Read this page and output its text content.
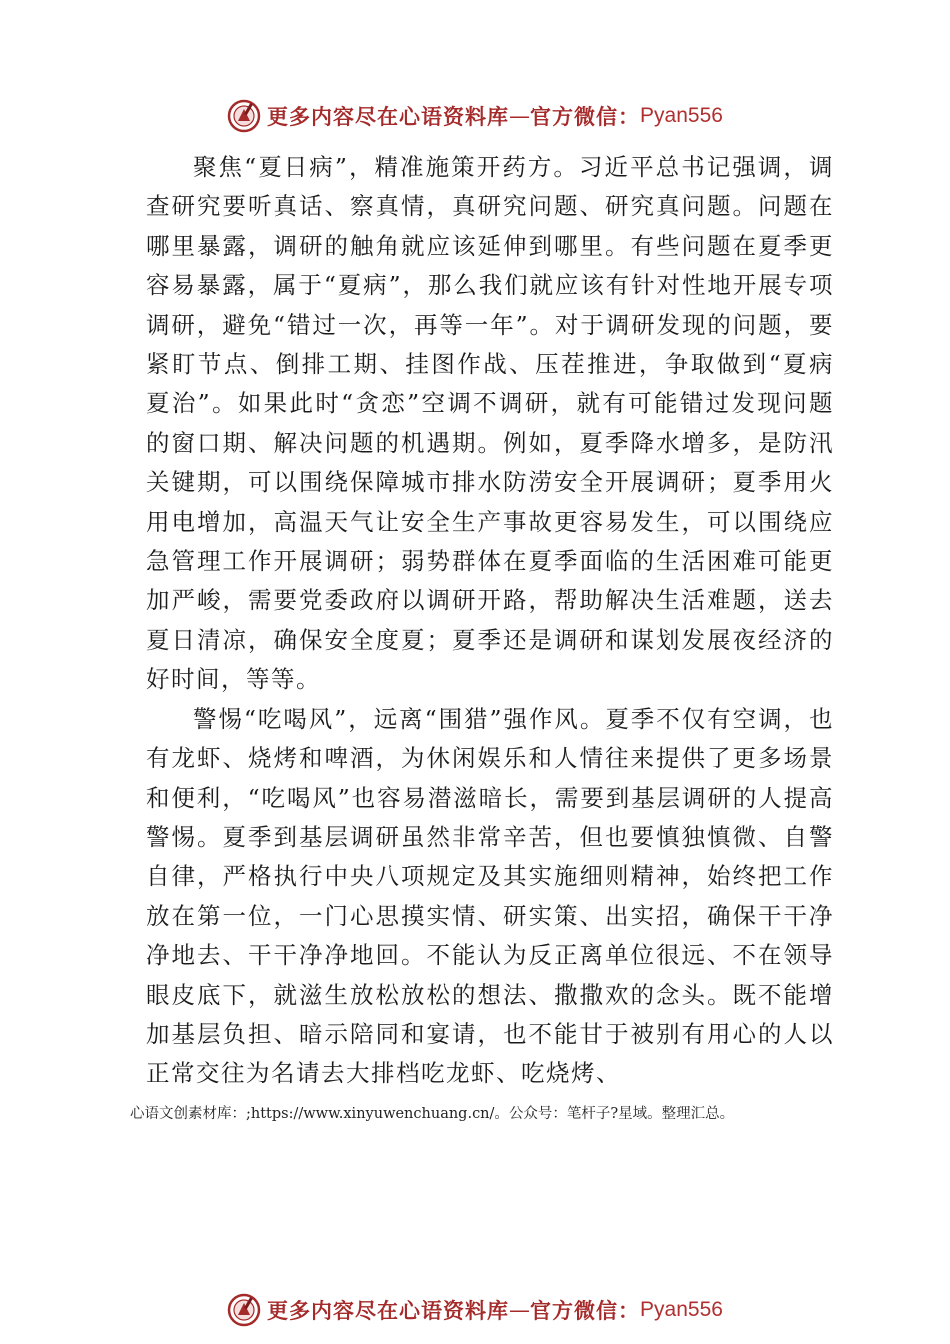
更多内容尽在心语资料库 — 官方微信： Pyan556

聚焦“夏日病”，精准施策开药方。习近平总书记强调，调查研究要听真话、察真情，真研究问题、研究真问题。问题在哪里暴露，调研的触角就应该延伸到哪里。有些问题在夏季更容易暴露，属于“夏病”，那么我们就应该有针对性地开展专项调研，避免“错过一次，再等一年”。对于调研发现的问题，要紧盯节点、倒排工期、挂图作战、压茬推进，争取做到“夏病夏治”。如果此时“贪恋”空调不调研，就有可能错过发现问题的窗口期、解决问题的机遇期。例如，夏季降水增多，是防汛关键期，可以围绕保障城市排水防涝安全开展调研；夏季用火用电增加，高温天气让安全生产事故更容易发生，可以围绕应急管理工作开展调研；弱势群体在夏季面临的生活困难可能更加严峻，需要党委政府以调研开路，帮助解决生活难题，送去夏日清凉，确保安全度夏；夏季还是调研和谋划发展夜经济的好时间，等等。

警惕“吃喝风”，远离“围猎”强作风。夏季不仅有空调，也有龙虾、烧烤和啤酒，为休闲娱乐和人情往来提供了更多场景和便利，“吃喝风”也容易潜滋暗长，需要到基层调研的人提高警惕。夏季到基层调研虽然非常辛苦，但也要慎独慎微、自警自律，严格执行中央八项规定及其实施细则精神，始终把工作放在第一位，一门心思摸实情、研实策、出实招，确保干干净净地去、干干净净地回。不能认为反正离单位很远、不在领导眼皮底下，就滋生放松放松的想法、撒撒欢的念头。既不能增加基层负担、暗示陪同和宴请，也不能甘于被别有用心的人以正常交往为名请去大排档吃龙虾、吃烧烤、

心语文创素材库：;https://www.xinyuwenchuang.cn/。公众号：笔杆子?星域。整理汇总。
更多内容尽在心语资料库 — 官方微信： Pyan556
